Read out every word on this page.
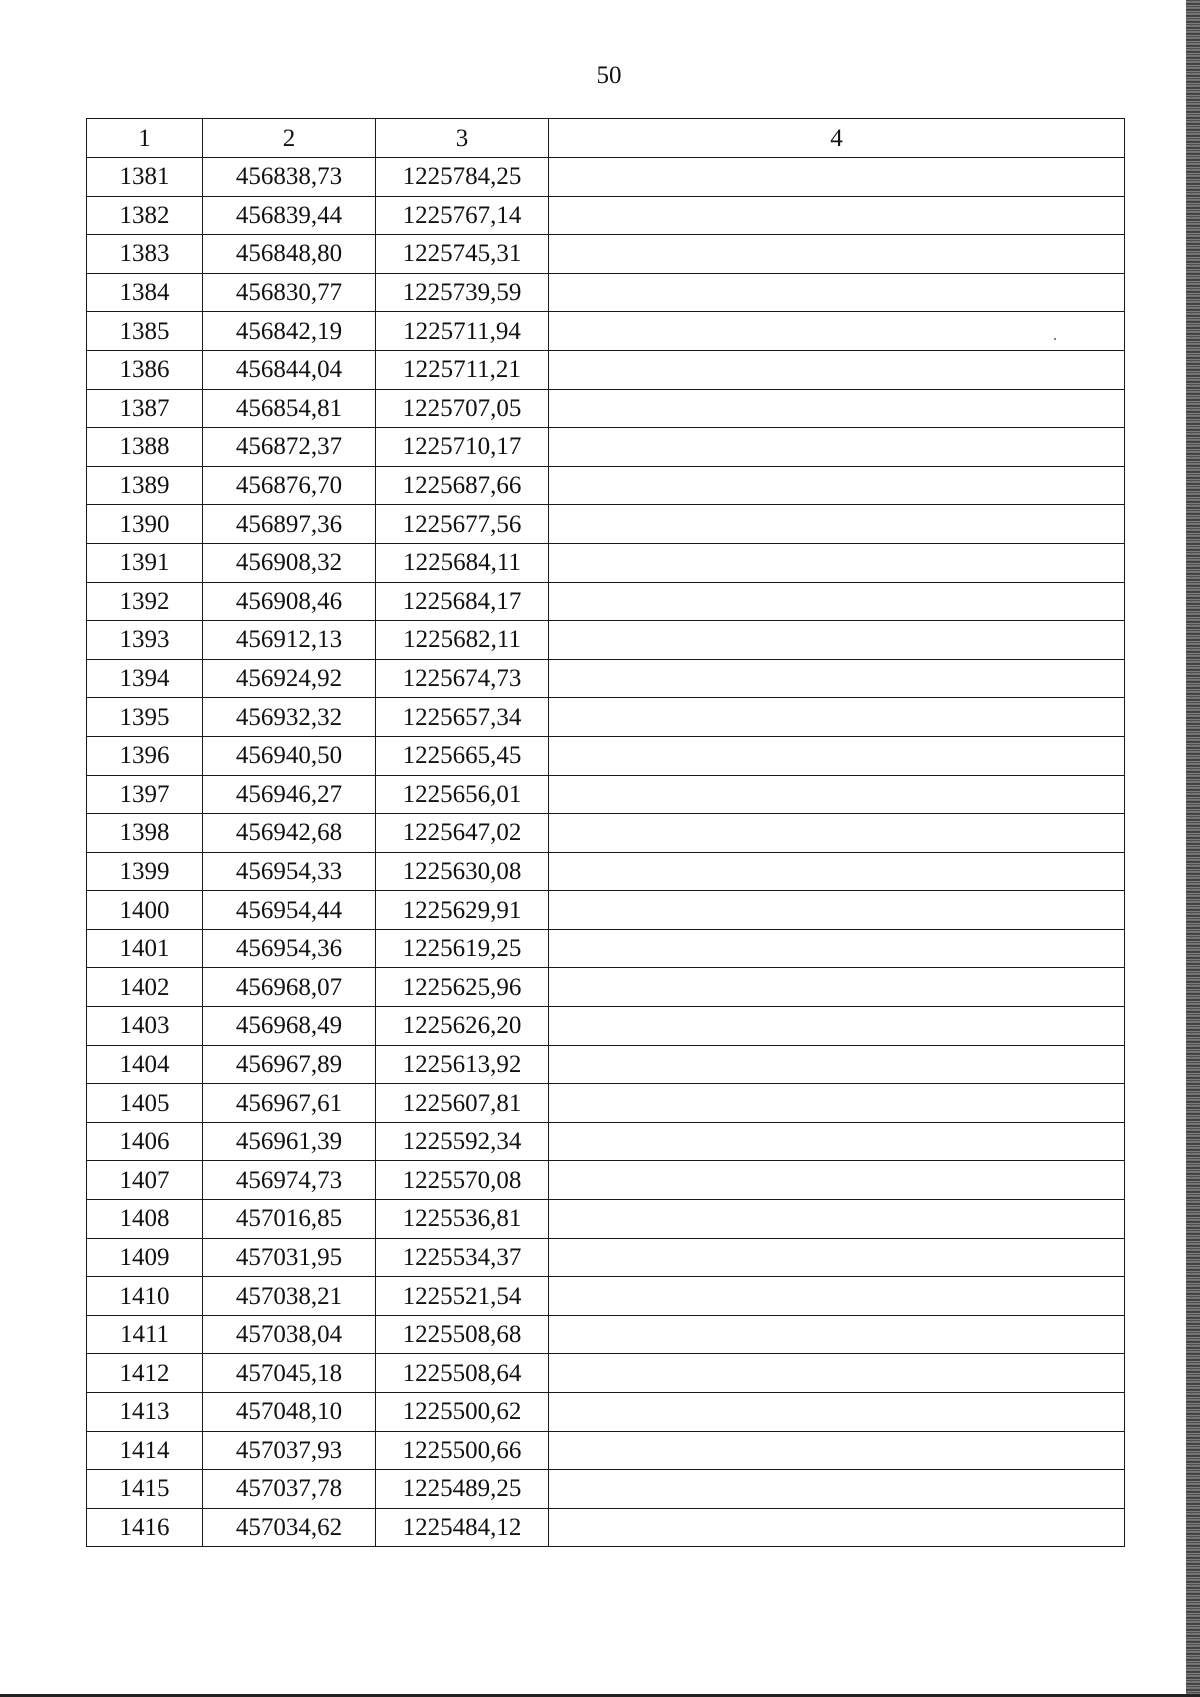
50
1	2	3	4
1381	456838,73	1225784,25	
1382	456839,44	1225767,14	
1383	456848,80	1225745,31	
1384	456830,77	1225739,59	
1385	456842,19	1225711,94	
1386	456844,04	1225711,21	
1387	456854,81	1225707,05	
1388	456872,37	1225710,17	
1389	456876,70	1225687,66	
1390	456897,36	1225677,56	
1391	456908,32	1225684,11	
1392	456908,46	1225684,17	
1393	456912,13	1225682,11	
1394	456924,92	1225674,73	
1395	456932,32	1225657,34	
1396	456940,50	1225665,45	
1397	456946,27	1225656,01	
1398	456942,68	1225647,02	
1399	456954,33	1225630,08	
1400	456954,44	1225629,91	
1401	456954,36	1225619,25	
1402	456968,07	1225625,96	
1403	456968,49	1225626,20	
1404	456967,89	1225613,92	
1405	456967,61	1225607,81	
1406	456961,39	1225592,34	
1407	456974,73	1225570,08	
1408	457016,85	1225536,81	
1409	457031,95	1225534,37	
1410	457038,21	1225521,54	
1411	457038,04	1225508,68	
1412	457045,18	1225508,64	
1413	457048,10	1225500,62	
1414	457037,93	1225500,66	
1415	457037,78	1225489,25	
1416	457034,62	1225484,12	
